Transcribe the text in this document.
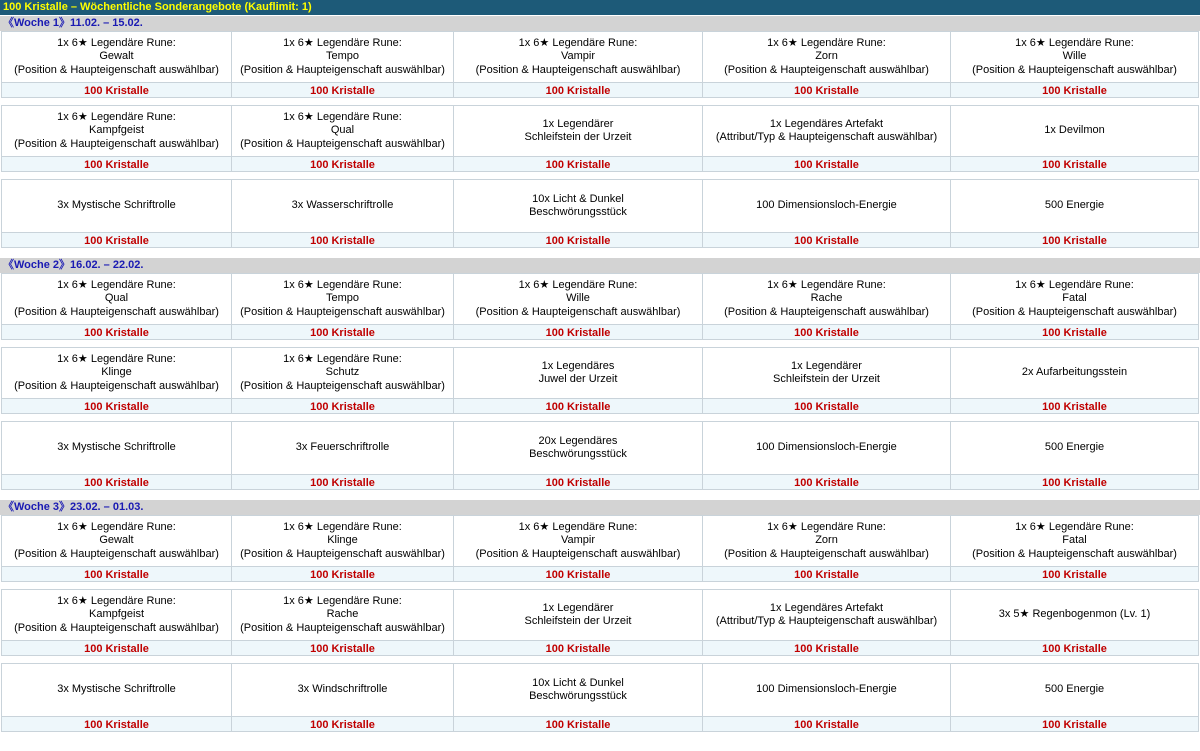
100 Kristalle – Wöchentliche Sonderangebote (Kauflimit: 1)
《Woche 1》11.02. – 15.02.
1x 6★ Legendäre Rune:
Gewalt
(Position & Haupteigenschaft auswählbar)
100 Kristalle
1x 6★ Legendäre Rune:
Tempo
(Position & Haupteigenschaft auswählbar)
100 Kristalle
1x 6★ Legendäre Rune:
Vampir
(Position & Haupteigenschaft auswählbar)
100 Kristalle
1x 6★ Legendäre Rune:
Zorn
(Position & Haupteigenschaft auswählbar)
100 Kristalle
1x 6★ Legendäre Rune:
Wille
(Position & Haupteigenschaft auswählbar)
100 Kristalle
1x 6★ Legendäre Rune:
Kampfgeist
(Position & Haupteigenschaft auswählbar)
100 Kristalle
1x 6★ Legendäre Rune:
Qual
(Position & Haupteigenschaft auswählbar)
100 Kristalle
1x Legendärer
Schleifstein der Urzeit
100 Kristalle
1x Legendäres Artefakt
(Attribut/Typ & Haupteigenschaft auswählbar)
100 Kristalle
1x Devilmon
100 Kristalle
3x Mystische Schriftrolle
100 Kristalle
3x Wasserschriftrolle
100 Kristalle
10x Licht & Dunkel
Beschwörungsstück
100 Kristalle
100 Dimensionsloch-Energie
100 Kristalle
500 Energie
100 Kristalle
《Woche 2》16.02. – 22.02.
1x 6★ Legendäre Rune:
Qual
(Position & Haupteigenschaft auswählbar)
100 Kristalle
1x 6★ Legendäre Rune:
Tempo
(Position & Haupteigenschaft auswählbar)
100 Kristalle
1x 6★ Legendäre Rune:
Wille
(Position & Haupteigenschaft auswählbar)
100 Kristalle
1x 6★ Legendäre Rune:
Rache
(Position & Haupteigenschaft auswählbar)
100 Kristalle
1x 6★ Legendäre Rune:
Fatal
(Position & Haupteigenschaft auswählbar)
100 Kristalle
1x 6★ Legendäre Rune:
Klinge
(Position & Haupteigenschaft auswählbar)
100 Kristalle
1x 6★ Legendäre Rune:
Schutz
(Position & Haupteigenschaft auswählbar)
100 Kristalle
1x Legendäres
Juwel der Urzeit
100 Kristalle
1x Legendärer
Schleifstein der Urzeit
100 Kristalle
2x Aufarbeitungsstein
100 Kristalle
3x Mystische Schriftrolle
100 Kristalle
3x Feuerschriftrolle
100 Kristalle
20x Legendäres
Beschwörungsstück
100 Kristalle
100 Dimensionsloch-Energie
100 Kristalle
500 Energie
100 Kristalle
《Woche 3》23.02. – 01.03.
1x 6★ Legendäre Rune:
Gewalt
(Position & Haupteigenschaft auswählbar)
100 Kristalle
1x 6★ Legendäre Rune:
Klinge
(Position & Haupteigenschaft auswählbar)
100 Kristalle
1x 6★ Legendäre Rune:
Vampir
(Position & Haupteigenschaft auswählbar)
100 Kristalle
1x 6★ Legendäre Rune:
Zorn
(Position & Haupteigenschaft auswählbar)
100 Kristalle
1x 6★ Legendäre Rune:
Fatal
(Position & Haupteigenschaft auswählbar)
100 Kristalle
1x 6★ Legendäre Rune:
Kampfgeist
(Position & Haupteigenschaft auswählbar)
100 Kristalle
1x 6★ Legendäre Rune:
Rache
(Position & Haupteigenschaft auswählbar)
100 Kristalle
1x Legendärer
Schleifstein der Urzeit
100 Kristalle
1x Legendäres Artefakt
(Attribut/Typ & Haupteigenschaft auswählbar)
100 Kristalle
3x 5★ Regenbogenmon (Lv. 1)
100 Kristalle
3x Mystische Schriftrolle
100 Kristalle
3x Windschriftrolle
100 Kristalle
10x Licht & Dunkel
Beschwörungsstück
100 Kristalle
100 Dimensionsloch-Energie
100 Kristalle
500 Energie
100 Kristalle
